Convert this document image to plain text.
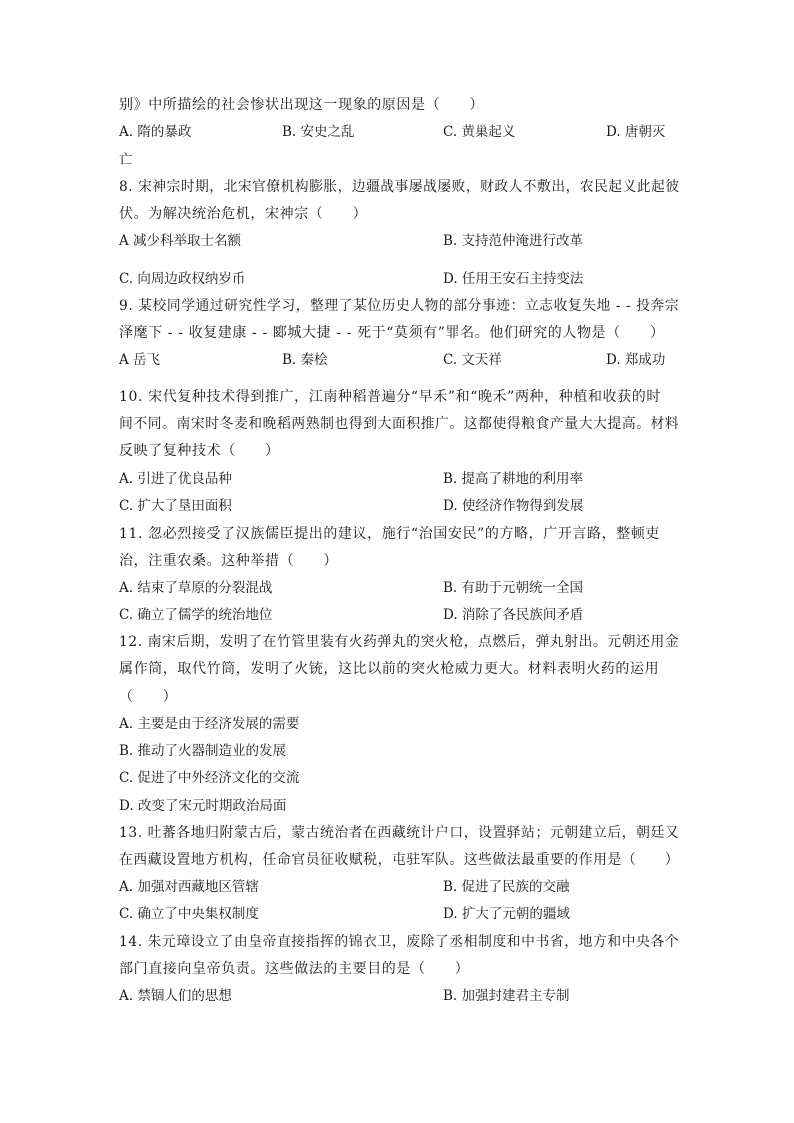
别》中所描绘的社会惨状出现这一现象的原因是（　　）
A. 隋的暴政	B. 安史之乱	C. 黄巢起义	D. 唐朝灭
亡
8. 宋神宗时期，北宋官僚机构膨胀，边疆战事屡战屡败，财政人不敷出，农民起义此起彼
伏。为解决统治危机，宋神宗（　　）
A 减少科举取士名额	B. 支持范仲淹进行改革
C. 向周边政权纳岁币	D. 任用王安石主持变法
9. 某校同学通过研究性学习，整理了某位历史人物的部分事迹：立志收复失地 - - 投奔宗
泽麾下 - - 收复建康 - - 郾城大捷 - - 死于“莫须有”罪名。他们研究的人物是（　　）
A 岳飞	B. 秦桧	C. 文天祥	D. 郑成功
10. 宋代复种技术得到推广，江南种稻普遍分“早禾”和“晚禾”两种，种植和收获的时
间不同。南宋时冬麦和晚稻两熟制也得到大面积推广。这都使得粮食产量大大提高。材料
反映了复种技术（　　）
A. 引进了优良品种	B. 提高了耕地的利用率
C. 扩大了垦田面积	D. 使经济作物得到发展
11. 忽必烈接受了汉族儒臣提出的建议，施行“治国安民”的方略，广开言路，整顿吏
治，注重农桑。这种举措（　　）
A. 结束了草原的分裂混战	B. 有助于元朝统一全国
C. 确立了儒学的统治地位	D. 消除了各民族间矛盾
12. 南宋后期，发明了在竹管里装有火药弹丸的突火枪，点燃后，弹丸射出。元朝还用金
属作筒，取代竹筒，发明了火铳，这比以前的突火枪威力更大。材料表明火药的运用
（　　）
A. 主要是由于经济发展的需要
B. 推动了火器制造业的发展
C. 促进了中外经济文化的交流
D. 改变了宋元时期政治局面
13. 吐蕃各地归附蒙古后，蒙古统治者在西藏统计户口，设置驿站；元朝建立后，朝廷又
在西藏设置地方机构，任命官员征收赋税，屯驻军队。这些做法最重要的作用是（　　）
A. 加强对西藏地区管辖	B. 促进了民族的交融
C. 确立了中央集权制度	D. 扩大了元朝的疆域
14. 朱元璋设立了由皇帝直接指挥的锦衣卫，废除了丞相制度和中书省，地方和中央各个
部门直接向皇帝负责。这些做法的主要目的是（　　）
A. 禁锢人们的思想	B. 加强封建君主专制
